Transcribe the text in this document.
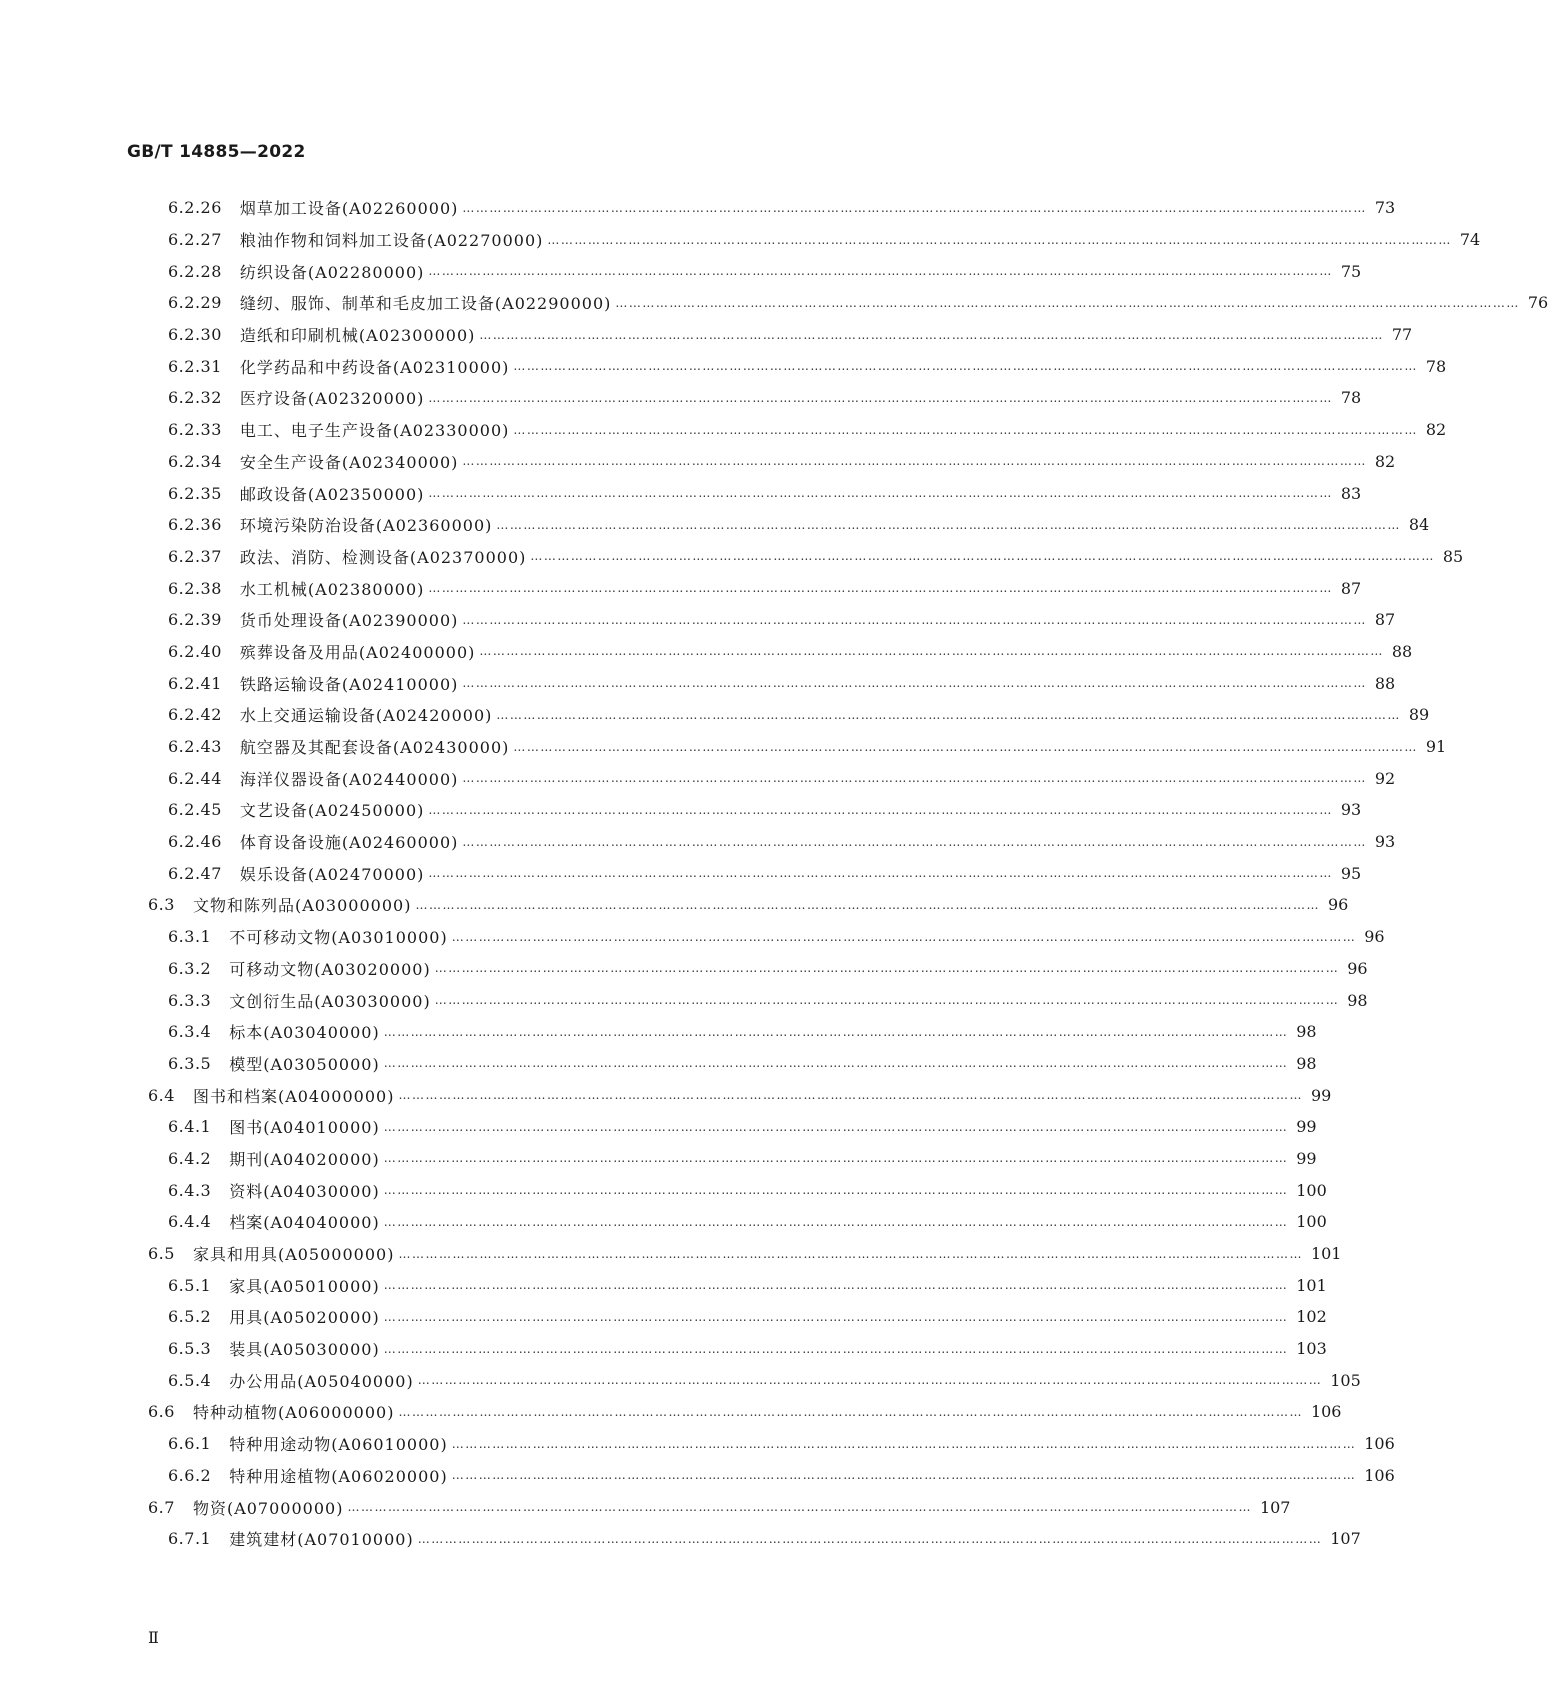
GB/T 14885—2022
6.2.26 烟草加工设备(A02260000) ………………………………………………………………………………………………………………………………………………………………………………… 73
6.2.27 粮油作物和饲料加工设备(A02270000) ………………………………………………………………………………………………………………………………………………………………………………… 74
6.2.28 纺织设备(A02280000) ………………………………………………………………………………………………………………………………………………………………………………… 75
6.2.29 缝纫、服饰、制革和毛皮加工设备(A02290000) ………………………………………………………………………………………………………………………………………………………………………………… 76
6.2.30 造纸和印刷机械(A02300000) ………………………………………………………………………………………………………………………………………………………………………………… 77
6.2.31 化学药品和中药设备(A02310000) ………………………………………………………………………………………………………………………………………………………………………………… 78
6.2.32 医疗设备(A02320000) ………………………………………………………………………………………………………………………………………………………………………………… 78
6.2.33 电工、电子生产设备(A02330000) ………………………………………………………………………………………………………………………………………………………………………………… 82
6.2.34 安全生产设备(A02340000) ………………………………………………………………………………………………………………………………………………………………………………… 82
6.2.35 邮政设备(A02350000) ………………………………………………………………………………………………………………………………………………………………………………… 83
6.2.36 环境污染防治设备(A02360000) ………………………………………………………………………………………………………………………………………………………………………………… 84
6.2.37 政法、消防、检测设备(A02370000) ………………………………………………………………………………………………………………………………………………………………………………… 85
6.2.38 水工机械(A02380000) ………………………………………………………………………………………………………………………………………………………………………………… 87
6.2.39 货币处理设备(A02390000) ………………………………………………………………………………………………………………………………………………………………………………… 87
6.2.40 殡葬设备及用品(A02400000) ………………………………………………………………………………………………………………………………………………………………………………… 88
6.2.41 铁路运输设备(A02410000) ………………………………………………………………………………………………………………………………………………………………………………… 88
6.2.42 水上交通运输设备(A02420000) ………………………………………………………………………………………………………………………………………………………………………………… 89
6.2.43 航空器及其配套设备(A02430000) ………………………………………………………………………………………………………………………………………………………………………………… 91
6.2.44 海洋仪器设备(A02440000) ………………………………………………………………………………………………………………………………………………………………………………… 92
6.2.45 文艺设备(A02450000) ………………………………………………………………………………………………………………………………………………………………………………… 93
6.2.46 体育设备设施(A02460000) ………………………………………………………………………………………………………………………………………………………………………………… 93
6.2.47 娱乐设备(A02470000) ………………………………………………………………………………………………………………………………………………………………………………… 95
6.3 文物和陈列品(A03000000) ………………………………………………………………………………………………………………………………………………………………………………… 96
6.3.1 不可移动文物(A03010000) ………………………………………………………………………………………………………………………………………………………………………………… 96
6.3.2 可移动文物(A03020000) ………………………………………………………………………………………………………………………………………………………………………………… 96
6.3.3 文创衍生品(A03030000) ………………………………………………………………………………………………………………………………………………………………………………… 98
6.3.4 标本(A03040000) ………………………………………………………………………………………………………………………………………………………………………………… 98
6.3.5 模型(A03050000) ………………………………………………………………………………………………………………………………………………………………………………… 98
6.4 图书和档案(A04000000) ………………………………………………………………………………………………………………………………………………………………………………… 99
6.4.1 图书(A04010000) ………………………………………………………………………………………………………………………………………………………………………………… 99
6.4.2 期刊(A04020000) ………………………………………………………………………………………………………………………………………………………………………………… 99
6.4.3 资料(A04030000) ………………………………………………………………………………………………………………………………………………………………………………… 100
6.4.4 档案(A04040000) ………………………………………………………………………………………………………………………………………………………………………………… 100
6.5 家具和用具(A05000000) ………………………………………………………………………………………………………………………………………………………………………………… 101
6.5.1 家具(A05010000) ………………………………………………………………………………………………………………………………………………………………………………… 101
6.5.2 用具(A05020000) ………………………………………………………………………………………………………………………………………………………………………………… 102
6.5.3 装具(A05030000) ………………………………………………………………………………………………………………………………………………………………………………… 103
6.5.4 办公用品(A05040000) ………………………………………………………………………………………………………………………………………………………………………………… 105
6.6 特种动植物(A06000000) ………………………………………………………………………………………………………………………………………………………………………………… 106
6.6.1 特种用途动物(A06010000) ………………………………………………………………………………………………………………………………………………………………………………… 106
6.6.2 特种用途植物(A06020000) ………………………………………………………………………………………………………………………………………………………………………………… 106
6.7 物资(A07000000) ………………………………………………………………………………………………………………………………………………………………………………… 107
6.7.1 建筑建材(A07010000) ………………………………………………………………………………………………………………………………………………………………………………… 107
Ⅱ
